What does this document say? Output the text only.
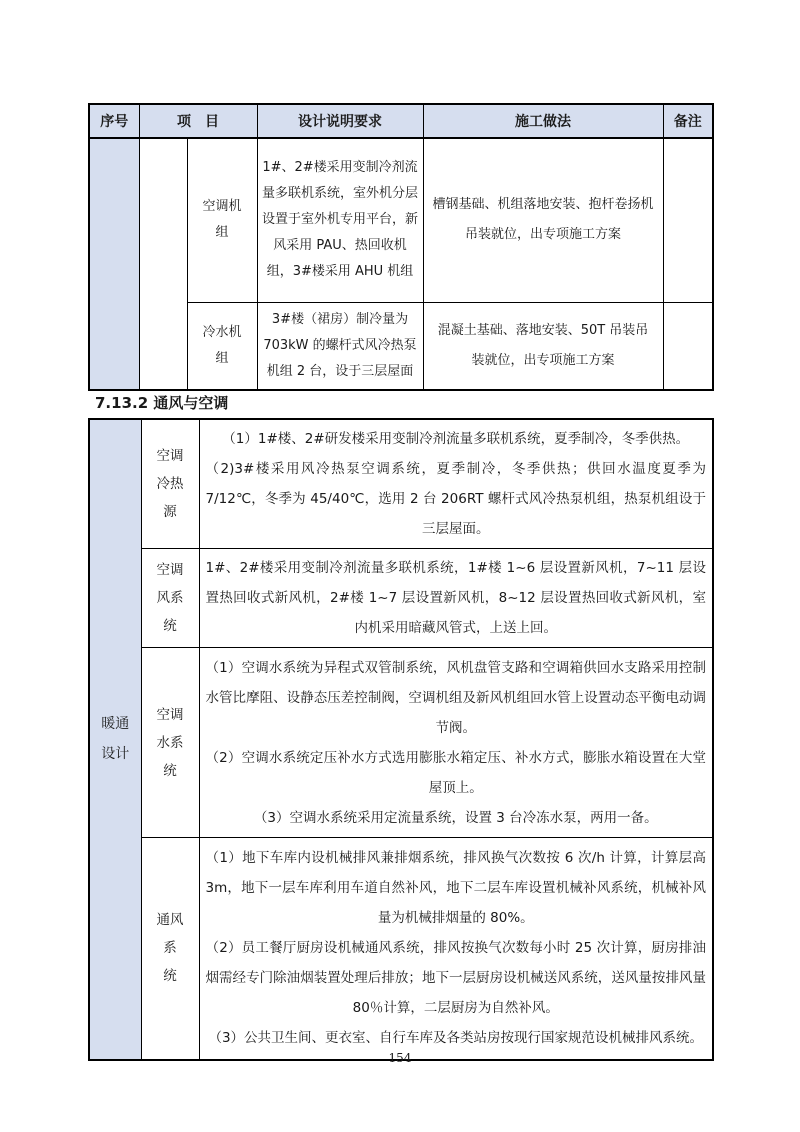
序号	项　目		设计说明要求	施工做法	备注
		空调机组	1#、2#楼采用变制冷剂流量多联机系统，室外机分层设置于室外机专用平台，新风采用 PAU、热回收机组，3#楼采用 AHU 机组	槽钢基础、机组落地安装、抱杆卷扬机吊装就位，出专项施工方案	
		冷水机组	3#楼（裙房）制冷量为 703kW 的螺杆式风冷热泵机组 2 台，设于三层屋面	混凝土基础、落地安装、50T 吊装吊装就位，出专项施工方案	
7.13.2 通风与空调
暖通设计	空调冷热源	（1）1#楼、2#研发楼采用变制冷剂流量多联机系统，夏季制冷，冬季供热。

（2)3#楼采用风冷热泵空调系统，夏季制冷，冬季供热；供回水温度夏季为 7/12℃，冬季为 45/40℃，选用 2 台 206RT 螺杆式风冷热泵机组，热泵机组设于三层屋面。

	空调风系统	1#、2#楼采用变制冷剂流量多联机系统，1#楼 1~6 层设置新风机，7~11 层设置热回收式新风机，2#楼 1~7 层设置新风机，8~12 层设置热回收式新风机，室内机采用暗藏风管式，上送上回。

	空调水系统	（1）空调水系统为异程式双管制系统，风机盘管支路和空调箱供回水支路采用控制水管比摩阻、设静态压差控制阀，空调机组及新风机组回水管上设置动态平衡电动调节阀。

（2）空调水系统定压补水方式选用膨胀水箱定压、补水方式，膨胀水箱设置在大堂屋顶上。

（3）空调水系统采用定流量系统，设置 3 台冷冻水泵，两用一备。

	通风系 统	（1）地下车库内设机械排风兼排烟系统，排风换气次数按 6 次/h 计算，计算层高 3m，地下一层车库利用车道自然补风，地下二层车库设置机械补风系统，机械补风量为机械排烟量的 80%。

（2）员工餐厅厨房设机械通风系统，排风按换气次数每小时 25 次计算，厨房排油烟需经专门除油烟装置处理后排放；地下一层厨房设机械送风系统，送风量按排风量 80％计算，二层厨房为自然补风。

（3）公共卫生间、更衣室、自行车库及各类站房按现行国家规范设机械排风系统。

154
